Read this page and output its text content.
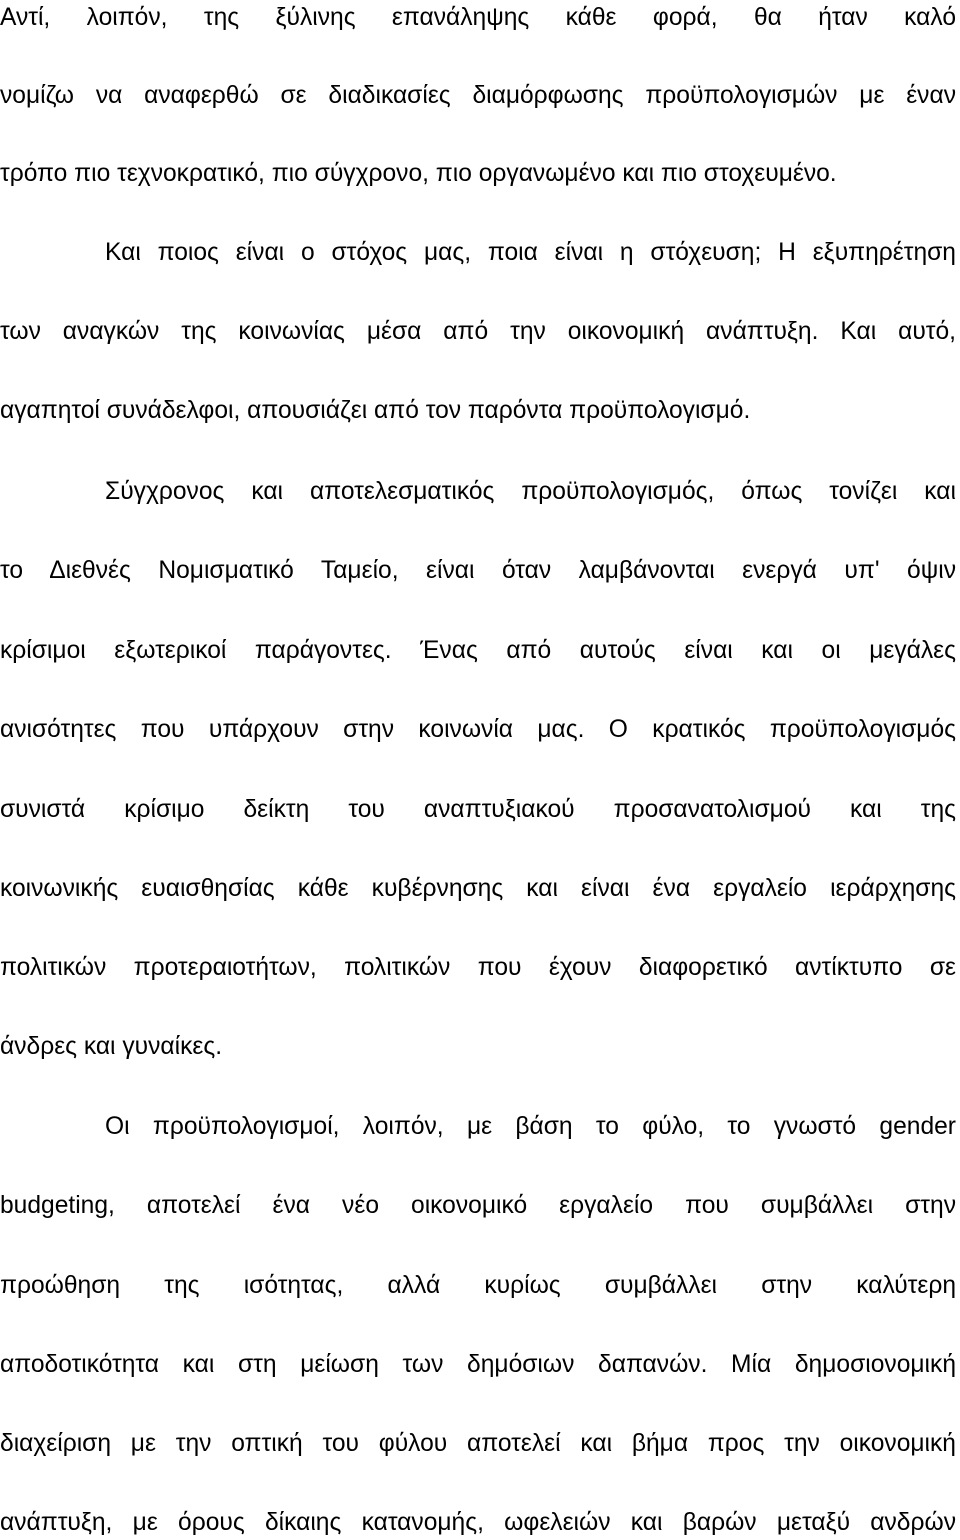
Αντί, λοιπόν, της ξύλινης επανάληψης κάθε φορά, θα ήταν καλό
νομίζω να αναφερθώ σε διαδικασίες διαμόρφωσης προϋπολογισμών με έναν
τρόπο πιο τεχνοκρατικό, πιο σύγχρονο, πιο οργανωμένο και πιο στοχευμένο.
Και ποιος είναι ο στόχος μας, ποια είναι η στόχευση; Η εξυπηρέτηση
των αναγκών της κοινωνίας μέσα από την οικονομική ανάπτυξη. Και αυτό,
αγαπητοί συνάδελφοι, απουσιάζει από τον παρόντα προϋπολογισμό.
Σύγχρονος και αποτελεσματικός προϋπολογισμός, όπως τονίζει και
το Διεθνές Νομισματικό Ταμείο, είναι όταν λαμβάνονται ενεργά υπ' όψιν
κρίσιμοι εξωτερικοί παράγοντες. Ένας από αυτούς είναι και οι μεγάλες
ανισότητες που υπάρχουν στην κοινωνία μας. Ο κρατικός προϋπολογισμός
συνιστά κρίσιμο δείκτη του αναπτυξιακού προσανατολισμού και της
κοινωνικής ευαισθησίας κάθε κυβέρνησης και είναι ένα εργαλείο ιεράρχησης
πολιτικών προτεραιοτήτων, πολιτικών που έχουν διαφορετικό αντίκτυπο σε
άνδρες και γυναίκες.
Οι προϋπολογισμοί, λοιπόν, με βάση το φύλο, το γνωστό gender
budgeting, αποτελεί ένα νέο οικονομικό εργαλείο που συμβάλλει στην
προώθηση της ισότητας, αλλά κυρίως συμβάλλει στην καλύτερη
αποδοτικότητα και στη μείωση των δημόσιων δαπανών. Μία δημοσιονομική
διαχείριση με την οπτική του φύλου αποτελεί και βήμα προς την οικονομική
ανάπτυξη, με όρους δίκαιης κατανομής, ωφελειών και βαρών μεταξύ ανδρών
